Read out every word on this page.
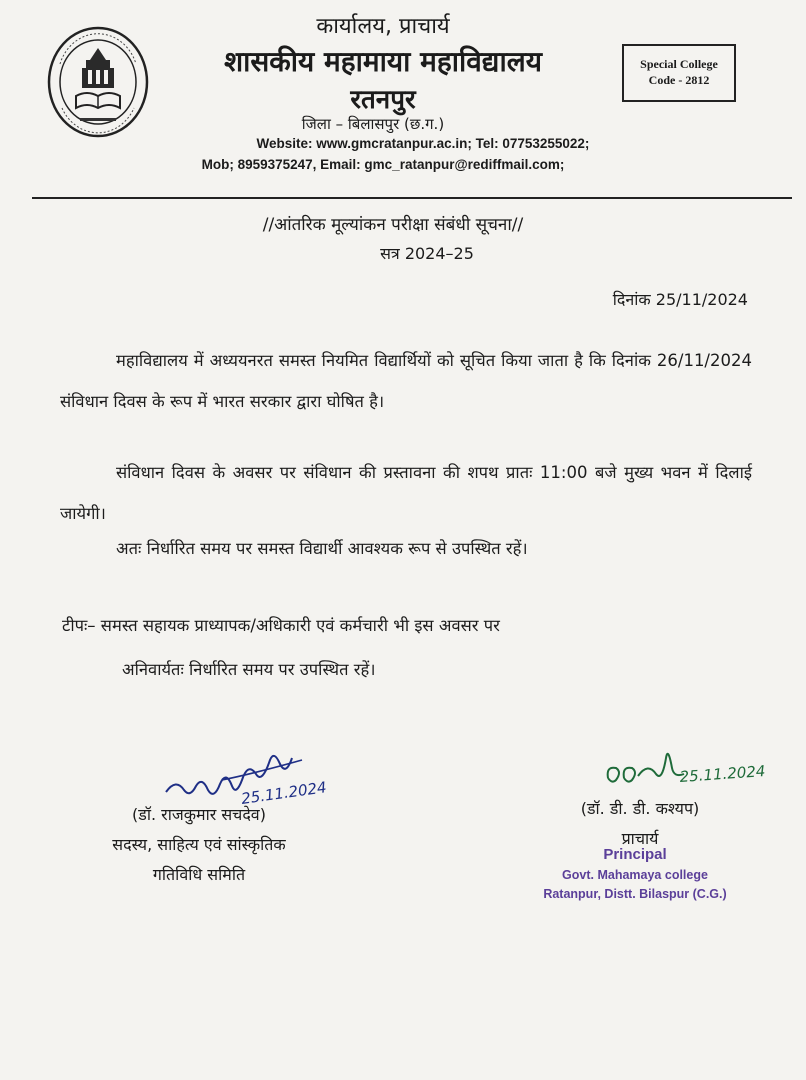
कार्यालय, प्राचार्य
शासकीय महामाया महाविद्यालय
रतनपुर
जिला – बिलासपुर (छ.ग.)
Website: www.gmcratanpur.ac.in; Tel: 07753255022;
Mob; 8959375247, Email: gmc_ratanpur@rediffmail.com;
Special College
Code - 2812
//आंतरिक मूल्यांकन परीक्षा संबंधी सूचना//
सत्र 2024–25
दिनांक 25/11/2024
महाविद्यालय में अध्ययनरत समस्त नियमित विद्यार्थियों को सूचित किया जाता है कि दिनांक 26/11/2024 संविधान दिवस के रूप में भारत सरकार द्वारा घोषित है।
संविधान दिवस के अवसर पर संविधान की प्रस्तावना की शपथ प्रातः 11:00 बजे मुख्य भवन में दिलाई जायेगी।
अतः निर्धारित समय पर समस्त विद्यार्थी आवश्यक रूप से उपस्थित रहें।
टीपः– समस्त सहायक प्राध्यापक/अधिकारी एवं कर्मचारी भी इस अवसर पर
अनिवार्यतः निर्धारित समय पर उपस्थित रहें।
25.11.2024
25.11.2024
(डॉ. राजकुमार सचदेव)
सदस्य, साहित्य एवं सांस्कृतिक
गतिविधि समिति
(डॉ. डी. डी. कश्यप)
प्राचार्य
Principal
Govt. Mahamaya college
Ratanpur, Distt. Bilaspur (C.G.)
